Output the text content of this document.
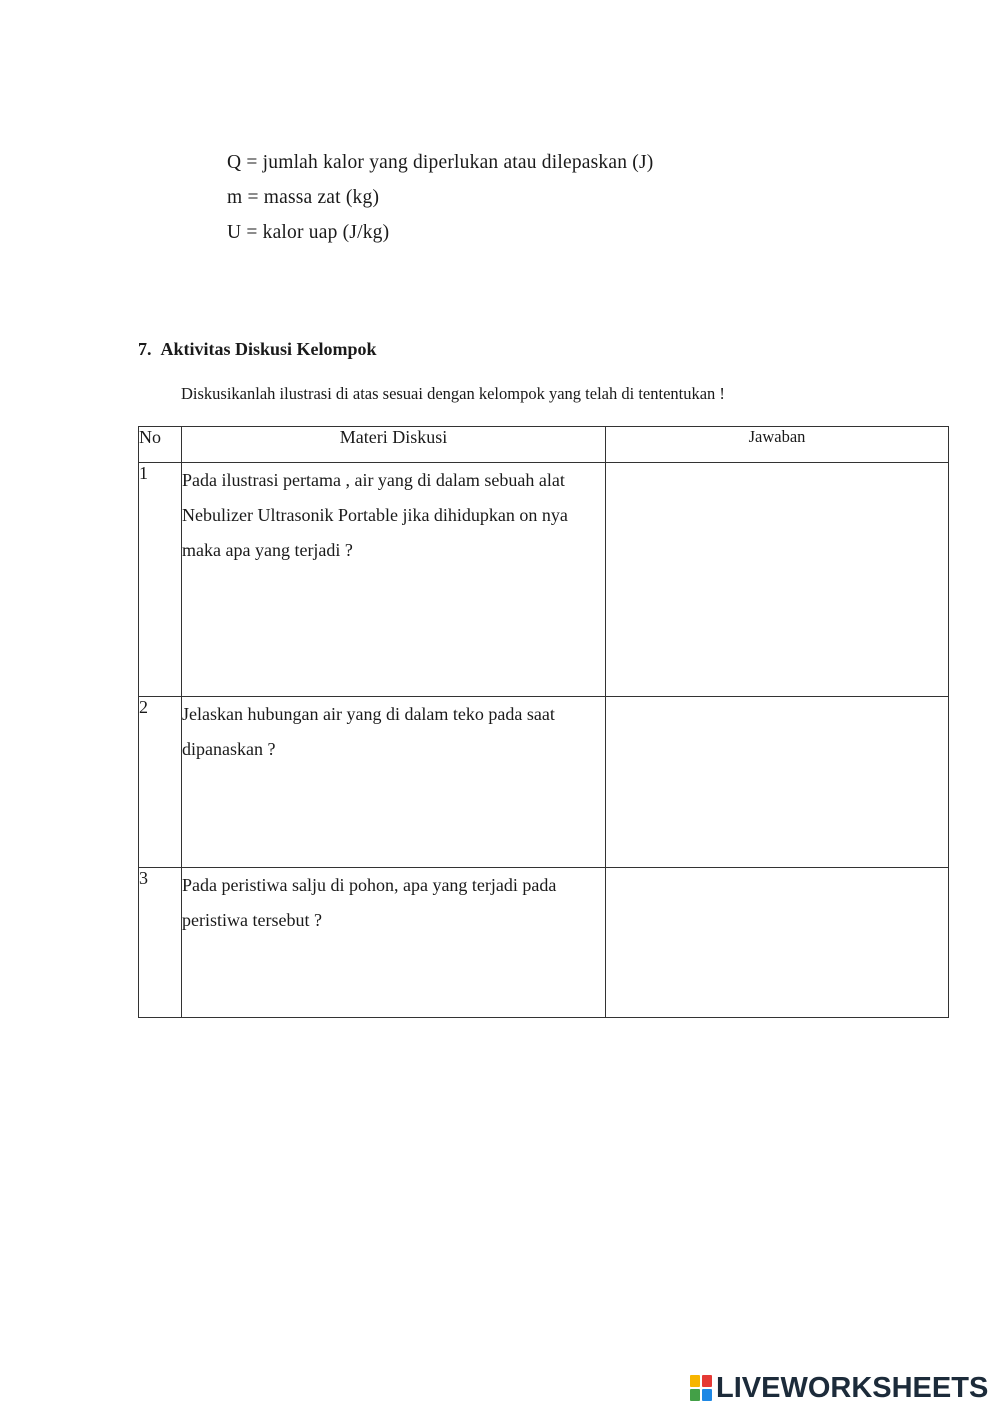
Q = jumlah kalor yang diperlukan atau dilepaskan (J)
m = massa zat (kg)
U = kalor uap (J/kg)
7. Aktivitas Diskusi Kelompok
Diskusikanlah ilustrasi di atas sesuai dengan kelompok yang telah di tententukan !
No	Materi Diskusi	Jawaban
1	Pada ilustrasi pertama , air yang di dalam sebuah alat Nebulizer Ultrasonik Portable jika dihidupkan on nya maka apa yang terjadi ?	
2	Jelaskan hubungan air yang di dalam teko pada saat dipanaskan ?	
3	Pada peristiwa salju di pohon, apa yang terjadi pada peristiwa tersebut ?	
LIVEWORKSHEETS
